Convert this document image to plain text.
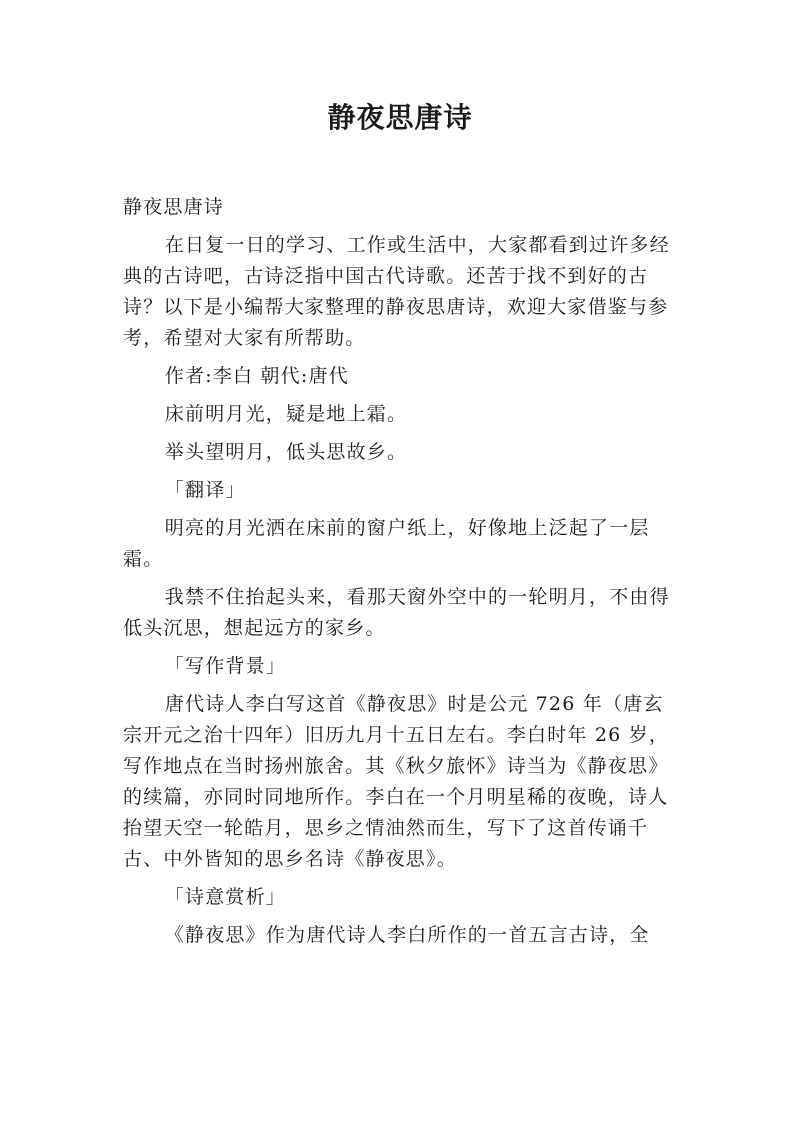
静夜思唐诗

静夜思唐诗

在日复一日的学习、工作或生活中，大家都看到过许多经典的古诗吧，古诗泛指中国古代诗歌。还苦于找不到好的古诗？以下是小编帮大家整理的静夜思唐诗，欢迎大家借鉴与参考，希望对大家有所帮助。

作者:李白 朝代:唐代

床前明月光，疑是地上霜。

举头望明月，低头思故乡。

「翻译」

明亮的月光洒在床前的窗户纸上，好像地上泛起了一层霜。

我禁不住抬起头来，看那天窗外空中的一轮明月，不由得低头沉思，想起远方的家乡。

「写作背景」

唐代诗人李白写这首《静夜思》时是公元 726 年（唐玄宗开元之治十四年）旧历九月十五日左右。李白时年 26 岁，写作地点在当时扬州旅舍。其《秋夕旅怀》诗当为《静夜思》的续篇，亦同时同地所作。李白在一个月明星稀的夜晚，诗人抬望天空一轮皓月，思乡之情油然而生，写下了这首传诵千古、中外皆知的思乡名诗《静夜思》。

「诗意赏析」

《静夜思》作为唐代诗人李白所作的一首五言古诗，全
